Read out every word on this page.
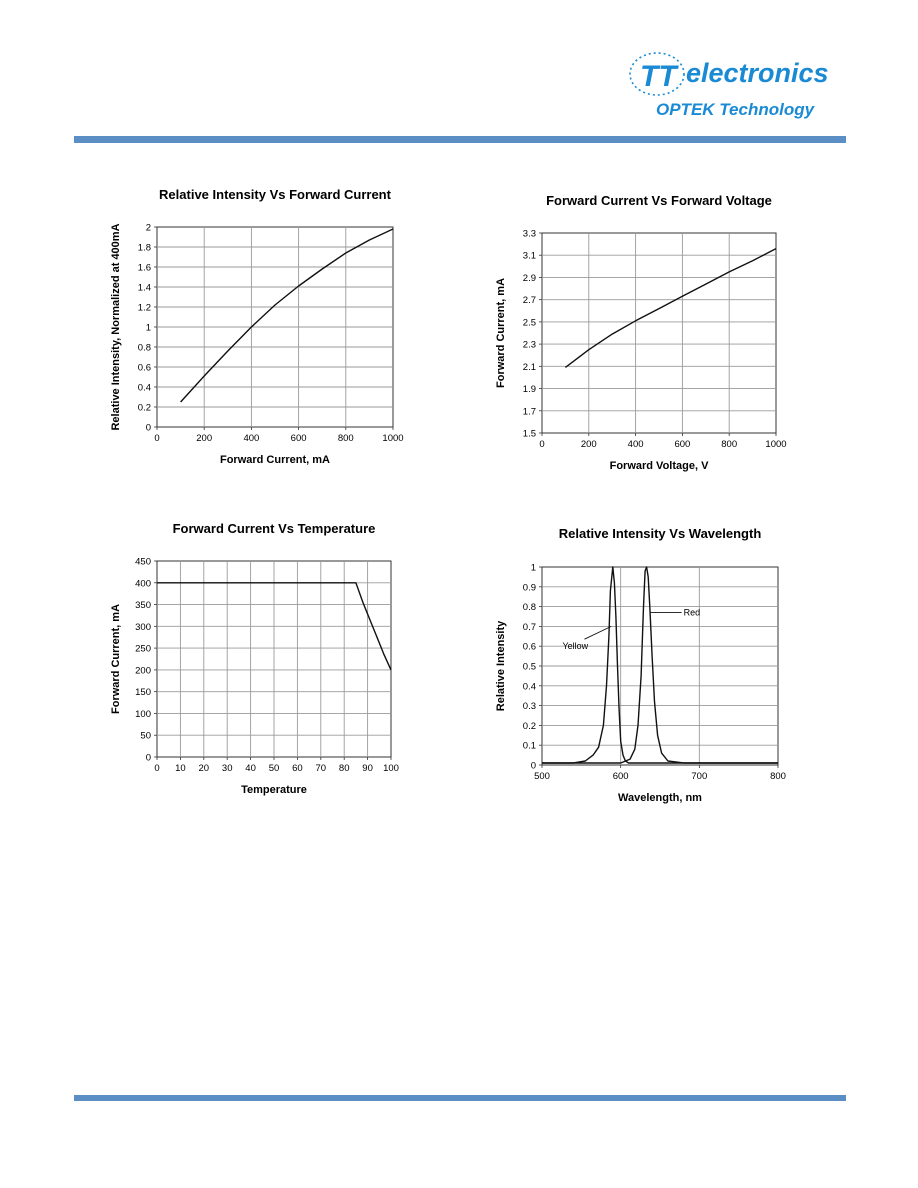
TT electronics
OPTEK Technology
Relative Intensity Vs Forward Current
0	200	400	600	800	1000
0
0.2
0.4
0.6
0.8
1
1.2
1.4
1.6
1.8
2
Forward Current, mA
Relative Intensity, Normalized at 400mA
Forward Current Vs Forward Voltage
0	200	400	600	800	1000
1.5
1.7
1.9
2.1
2.3
2.5
2.7
2.9
3.1
3.3
Forward Voltage, V
Forward Current, mA
Forward Current Vs Temperature
0 10 20 30 40 50 60 70 80 90 100
0
50
100
150
200
250
300
350
400
450
Temperature
Forward Current, mA
Relative Intensity Vs Wavelength
500	600	700	800
0
0.1
0.2
0.3
0.4
0.5
0.6
0.7
0.8
0.9
1
Wavelength, nm
Relative Intensity
Red
Yellow
